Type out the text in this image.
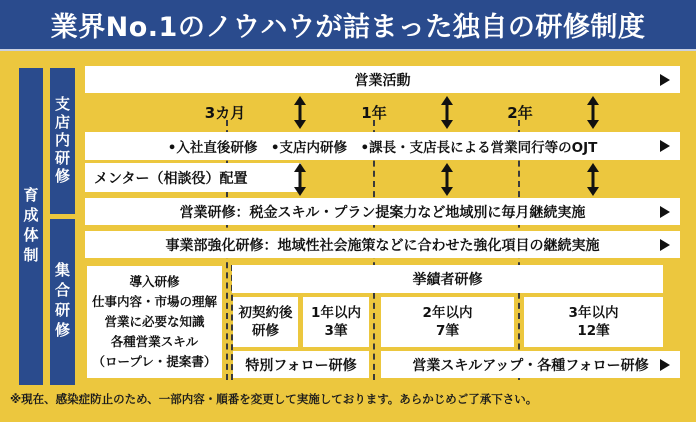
業界No.1のノウハウが詰まった独自の研修制度
育成体制
支店内研修
集合研修
営業活動
3カ月	1年	2年
•入社直後研修　•支店内研修　•課長・支店長による営業同行等のOJT
メンター（相談役）配置
営業研修：税金スキル・プラン提案力など地域別に毎月継続実施
事業部強化研修：地域性社会施策などに合わせた強化項目の継続実施
導入研修
仕事内容・市場の理解
営業に必要な知識
各種営業スキル
（ロープレ・提案書）
挙績者研修
初契約後
研修
1年以内
3筆
2年以内
7筆
3年以内
12筆
特別フォロー研修	営業スキルアップ・各種フォロー研修
※現在、感染症防止のため、一部内容・順番を変更して実施しております。あらかじめご了承下さい。
